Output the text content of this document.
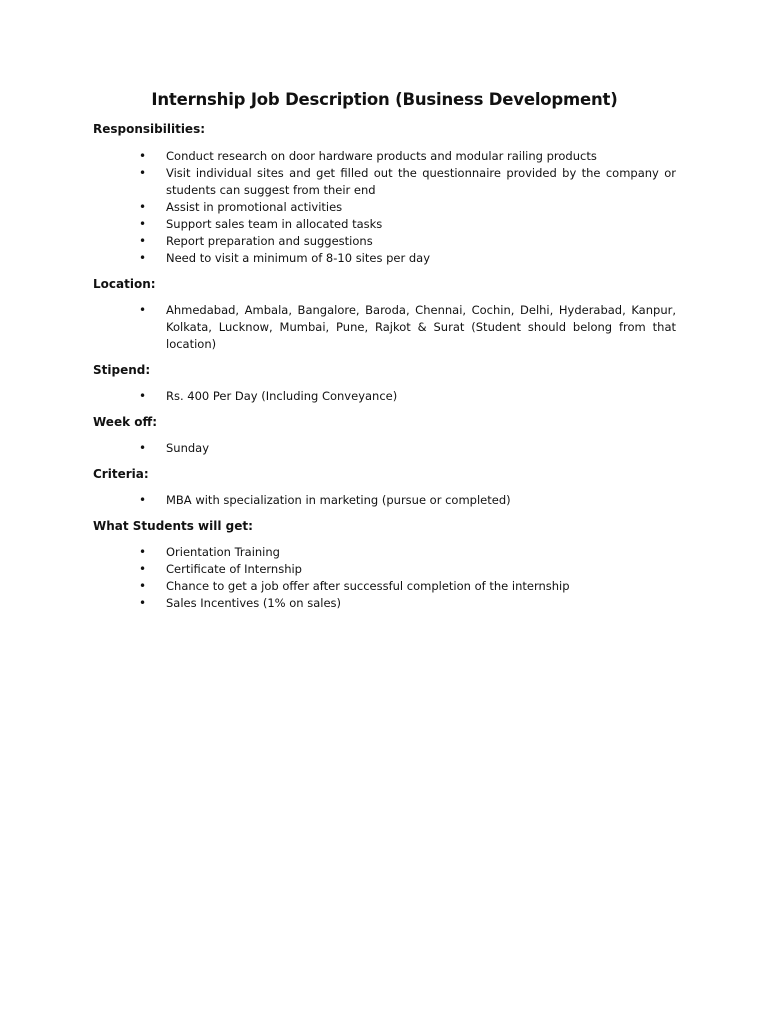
Internship Job Description (Business Development)

Responsibilities:

• Conduct research on door hardware products and modular railing products
• Visit individual sites and get filled out the questionnaire provided by the company or students can suggest from their end
• Assist in promotional activities
• Support sales team in allocated tasks
• Report preparation and suggestions
• Need to visit a minimum of 8-10 sites per day

Location:

• Ahmedabad, Ambala, Bangalore, Baroda, Chennai, Cochin, Delhi, Hyderabad, Kanpur, Kolkata, Lucknow, Mumbai, Pune, Rajkot & Surat (Student should belong from that location)

Stipend:

• Rs. 400 Per Day (Including Conveyance)

Week off:

• Sunday

Criteria:

• MBA with specialization in marketing (pursue or completed)

What Students will get:

• Orientation Training
• Certificate of Internship
• Chance to get a job offer after successful completion of the internship
• Sales Incentives (1% on sales)
